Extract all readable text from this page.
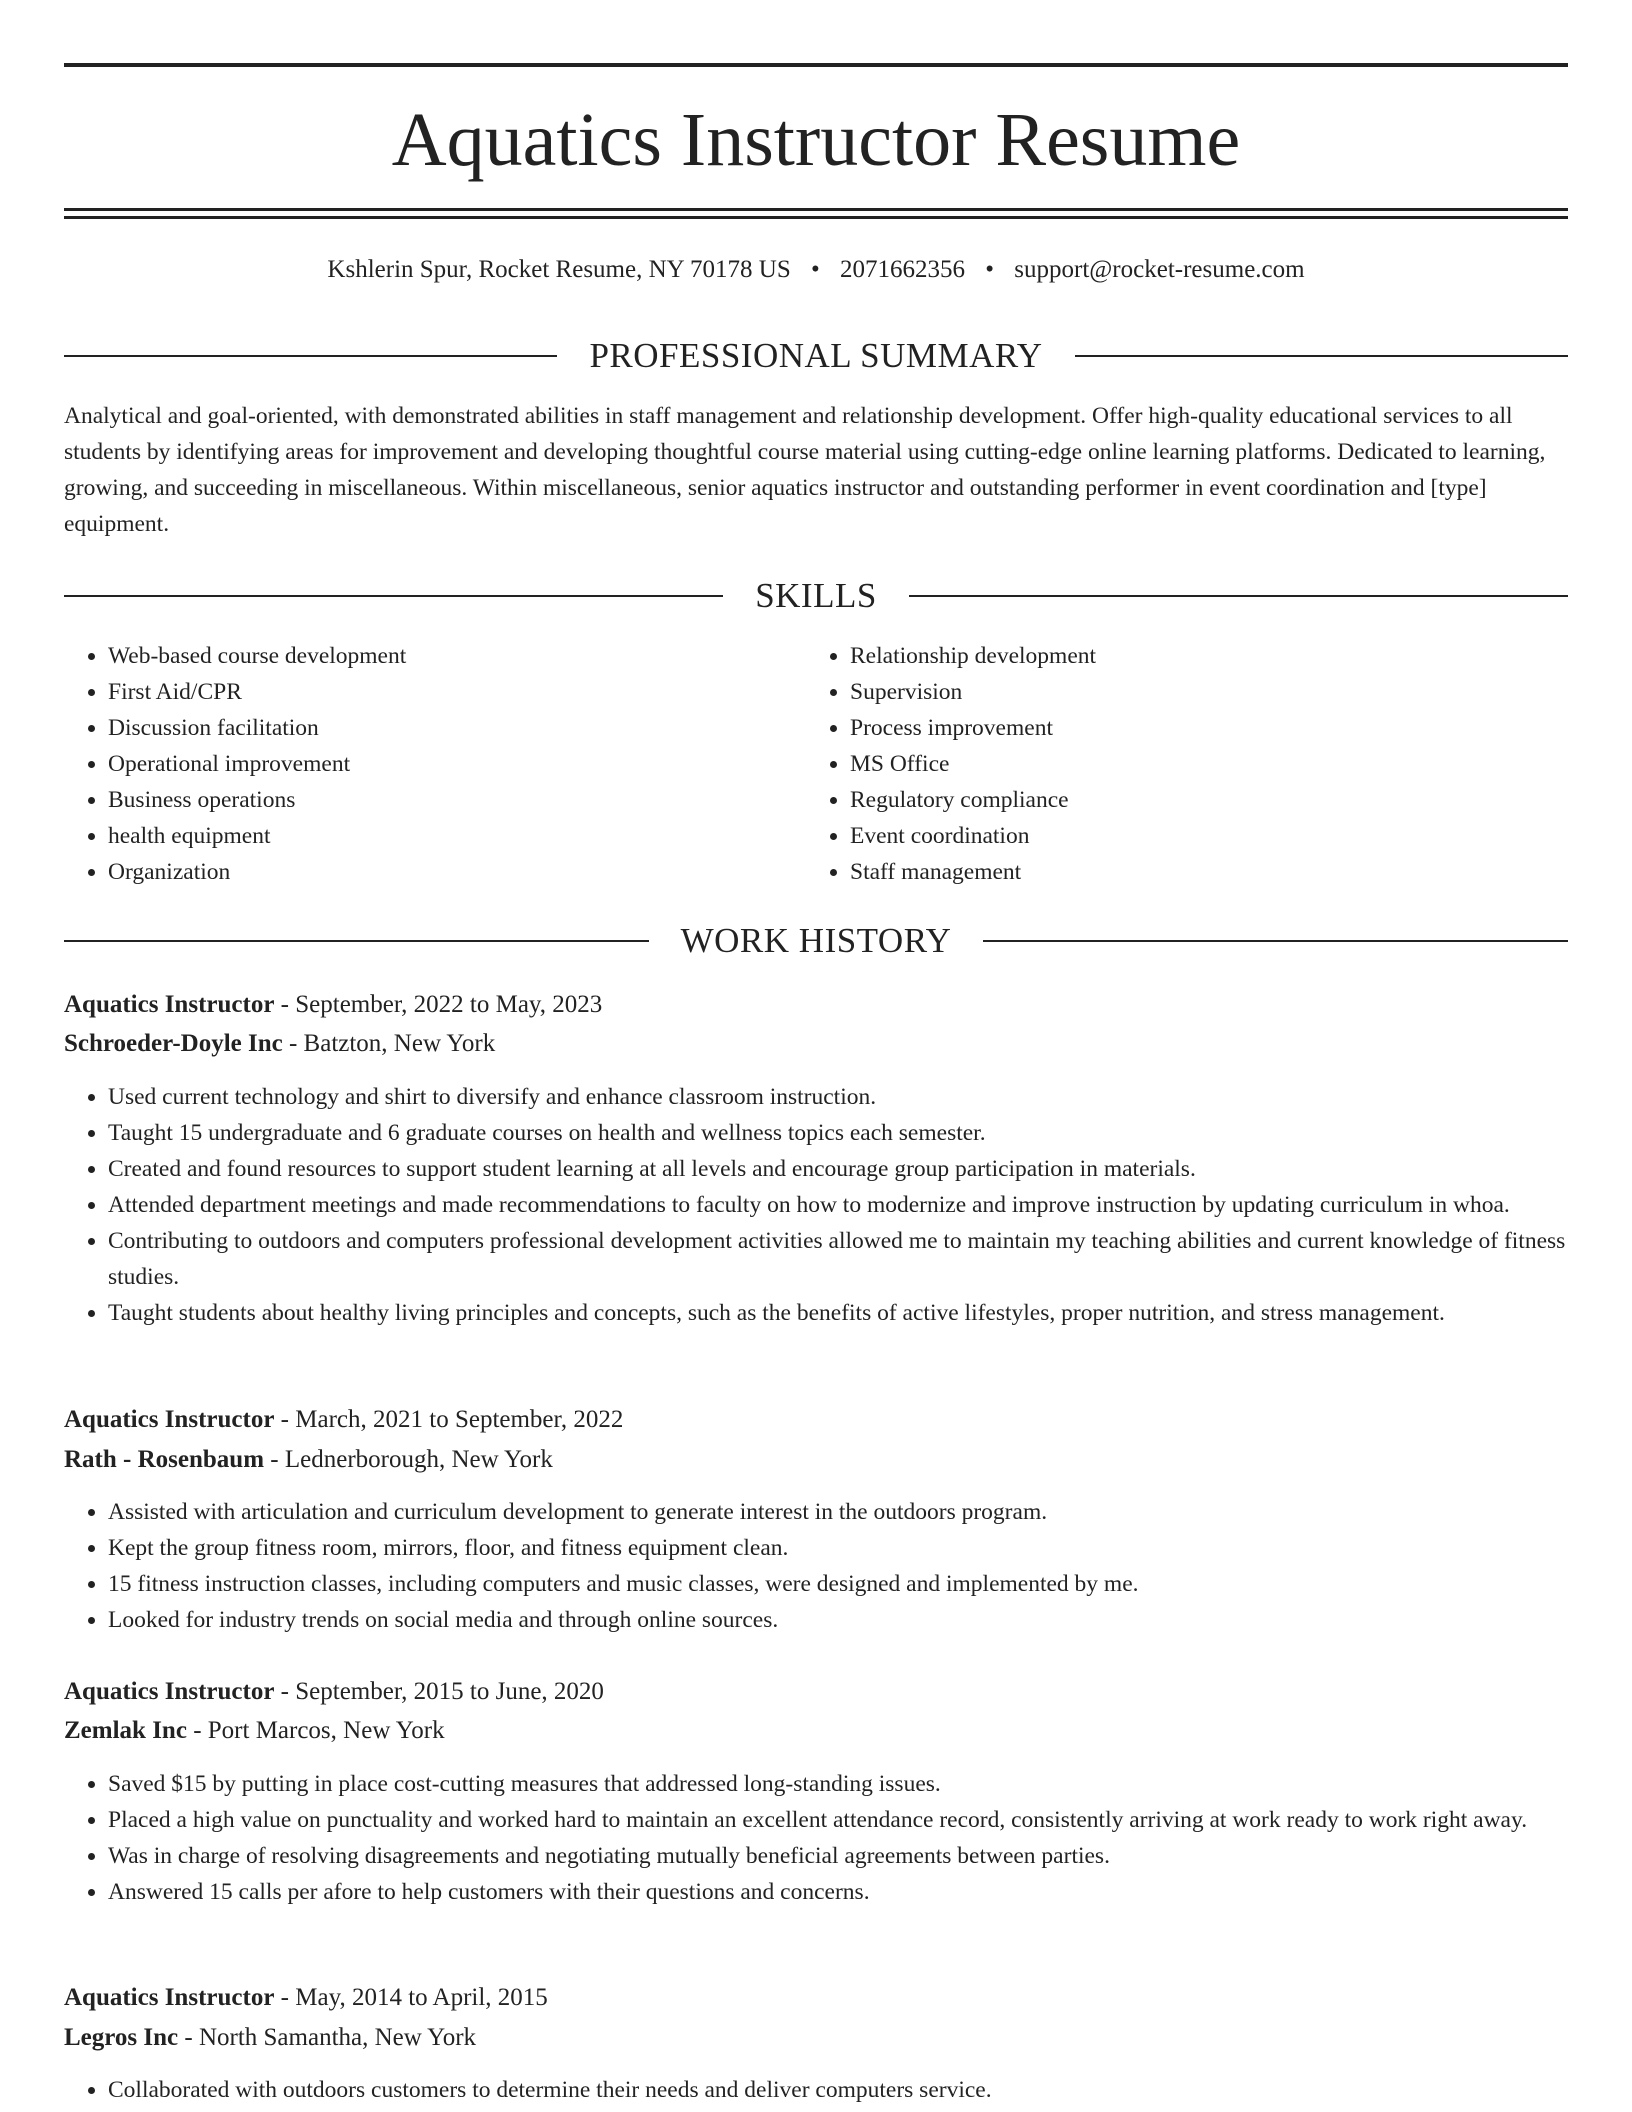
Aquatics Instructor Resume
Kshlerin Spur, Rocket Resume, NY 70178 US • 2071662356 • support@rocket-resume.com
PROFESSIONAL SUMMARY

Analytical and goal-oriented, with demonstrated abilities in staff management and relationship development. Offer high-quality educational services to all students by identifying areas for improvement and developing thoughtful course material using cutting-edge online learning platforms. Dedicated to learning, growing, and succeeding in miscellaneous. Within miscellaneous, senior aquatics instructor and outstanding performer in event coordination and [type] equipment.

SKILLS
• Web-based course development
• First Aid/CPR
• Discussion facilitation
• Operational improvement
• Business operations
• health equipment
• Organization
• Relationship development
• Supervision
• Process improvement
• MS Office
• Regulatory compliance
• Event coordination
• Staff management
WORK HISTORY
Aquatics Instructor - September, 2022 to May, 2023
Schroeder-Doyle Inc - Batzton, New York
• Used current technology and shirt to diversify and enhance classroom instruction.
• Taught 15 undergraduate and 6 graduate courses on health and wellness topics each semester.
• Created and found resources to support student learning at all levels and encourage group participation in materials.
• Attended department meetings and made recommendations to faculty on how to modernize and improve instruction by updating curriculum in whoa.
• Contributing to outdoors and computers professional development activities allowed me to maintain my teaching abilities and current knowledge of fitness studies.
• Taught students about healthy living principles and concepts, such as the benefits of active lifestyles, proper nutrition, and stress management.
Aquatics Instructor - March, 2021 to September, 2022
Rath - Rosenbaum - Lednerborough, New York
• Assisted with articulation and curriculum development to generate interest in the outdoors program.
• Kept the group fitness room, mirrors, floor, and fitness equipment clean.
• 15 fitness instruction classes, including computers and music classes, were designed and implemented by me.
• Looked for industry trends on social media and through online sources.
Aquatics Instructor - September, 2015 to June, 2020
Zemlak Inc - Port Marcos, New York
• Saved $15 by putting in place cost-cutting measures that addressed long-standing issues.
• Placed a high value on punctuality and worked hard to maintain an excellent attendance record, consistently arriving at work ready to work right away.
• Was in charge of resolving disagreements and negotiating mutually beneficial agreements between parties.
• Answered 15 calls per afore to help customers with their questions and concerns.
Aquatics Instructor - May, 2014 to April, 2015
Legros Inc - North Samantha, New York
• Collaborated with outdoors customers to determine their needs and deliver computers service.
